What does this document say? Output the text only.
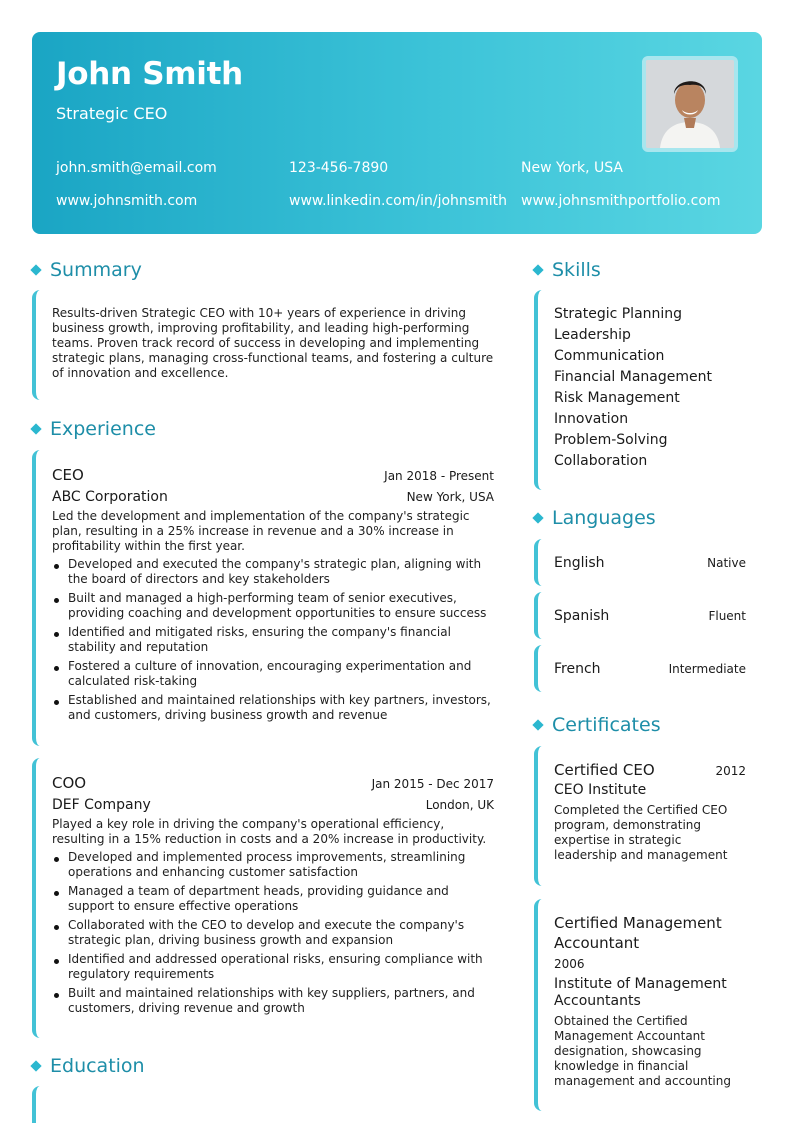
John Smith
Strategic CEO
john.smith@email.com	123-456-7890	New York, USA
www.johnsmith.com	www.linkedin.com/in/johnsmith www.johnsmithportfolio.com
Summary

Results-driven Strategic CEO with 10+ years of experience in driving business growth, improving profitability, and leading high-performing teams. Proven track record of success in developing and implementing strategic plans, managing cross-functional teams, and fostering a culture of innovation and excellence.

Experience
CEO	Jan 2018 - Present
ABC Corporation	New York, USA

Led the development and implementation of the company's strategic plan, resulting in a 25% increase in revenue and a 30% increase in profitability within the first year.

Developed and executed the company's strategic plan, aligning with the board of directors and key stakeholders
Built and managed a high-performing team of senior executives, providing coaching and development opportunities to ensure success
Identified and mitigated risks, ensuring the company's financial stability and reputation
Fostered a culture of innovation, encouraging experimentation and calculated risk-taking
Established and maintained relationships with key partners, investors, and customers, driving business growth and revenue
COO	Jan 2015 - Dec 2017
DEF Company	London, UK

Played a key role in driving the company's operational efficiency, resulting in a 15% reduction in costs and a 20% increase in productivity.

Developed and implemented process improvements, streamlining operations and enhancing customer satisfaction
Managed a team of department heads, providing guidance and support to ensure effective operations
Collaborated with the CEO to develop and execute the company's strategic plan, driving business growth and expansion
Identified and addressed operational risks, ensuring compliance with regulatory requirements
Built and maintained relationships with key suppliers, partners, and customers, driving revenue and growth
Education
Skills
Strategic Planning
Leadership
Communication
Financial Management
Risk Management
Innovation
Problem-Solving
Collaboration
Languages
English	Native
Spanish	Fluent
French	Intermediate
Certificates
Certified CEO	2012
CEO Institute

Completed the Certified CEO program, demonstrating expertise in strategic leadership and management

Certified Management Accountant
2006
Institute of Management Accountants

Obtained the Certified Management Accountant designation, showcasing knowledge in financial management and accounting
